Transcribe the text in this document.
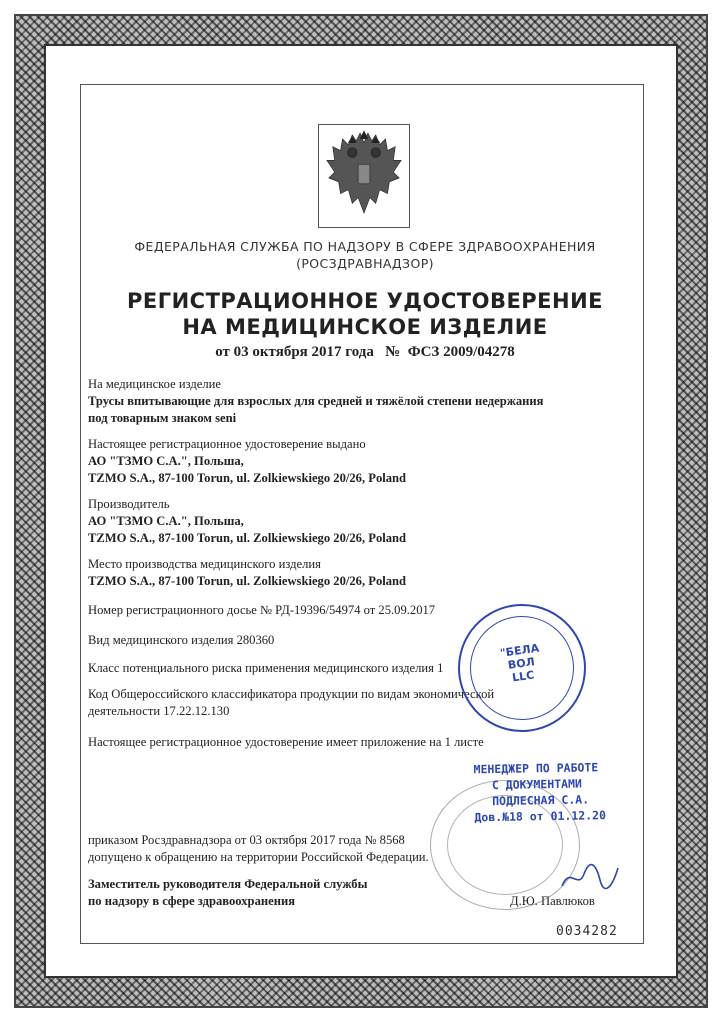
ФЕДЕРАЛЬНАЯ СЛУЖБА ПО НАДЗОРУ В СФЕРЕ ЗДРАВООХРАНЕНИЯ
(РОСЗДРАВНАДЗОР)
РЕГИСТРАЦИОННОЕ УДОСТОВЕРЕНИЕ
НА МЕДИЦИНСКОЕ ИЗДЕЛИЕ
от 03 октября 2017 года № ФСЗ 2009/04278
На медицинское изделие
Трусы впитывающие для взрослых для средней и тяжёлой степени недержания
под товарным знаком seni
Настоящее регистрационное удостоверение выдано
АО "ТЗМО С.А.", Польша,
TZMO S.A., 87-100 Torun, ul. Zolkiewskiego 20/26, Poland
Производитель
АО "ТЗМО С.А.", Польша,
TZMO S.A., 87-100 Torun, ul. Zolkiewskiego 20/26, Poland
Место производства медицинского изделия
TZMO S.A., 87-100 Torun, ul. Zolkiewskiego 20/26, Poland
Номер регистрационного досье № РД-19396/54974 от 25.09.2017
Вид медицинского изделия 280360
Класс потенциального риска применения медицинского изделия 1
Код Общероссийского классификатора продукции по видам экономической
деятельности 17.22.12.130
Настоящее регистрационное удостоверение имеет приложение на 1 листе
приказом Росздравнадзора от 03 октября 2017 года № 8568
допущено к обращению на территории Российской Федерации.
Заместитель руководителя Федеральной службы
по надзору в сфере здравоохранения	Д.Ю. Павлюков
"БЕЛА ВОЛ
LLC
МЕНЕДЖЕР ПО РАБОТЕ
С ДОКУМЕНТАМИ
ПОДЛЕСНАЯ С.А.
Дов.№18 от 01.12.20
0034282
